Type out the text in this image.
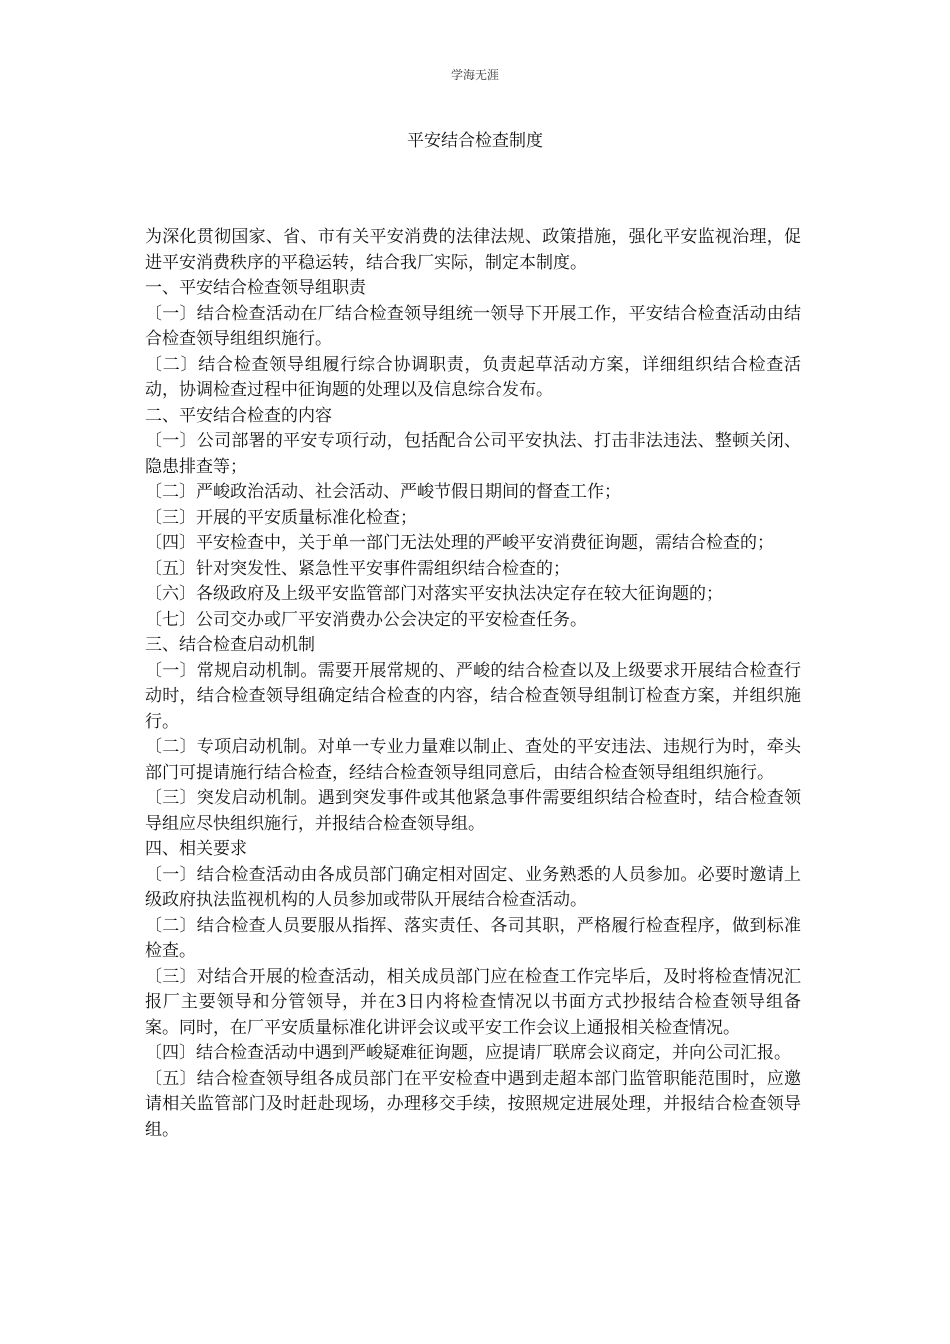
学海无涯
平安结合检查制度

为深化贯彻国家、省、市有关平安消费的法律法规、政策措施，强化平安监视治理，促进平安消费秩序的平稳运转，结合我厂实际，制定本制度。

一、平安结合检查领导组职责

〔一〕结合检查活动在厂结合检查领导组统一领导下开展工作，平安结合检查活动由结合检查领导组组织施行。

〔二〕结合检查领导组履行综合协调职责，负责起草活动方案，详细组织结合检查活动，协调检查过程中征询题的处理以及信息综合发布。

二、平安结合检查的内容

〔一〕公司部署的平安专项行动，包括配合公司平安执法、打击非法违法、整顿关闭、隐患排查等；

〔二〕严峻政治活动、社会活动、严峻节假日期间的督查工作；

〔三〕开展的平安质量标准化检查；

〔四〕平安检查中，关于单一部门无法处理的严峻平安消费征询题，需结合检查的；

〔五〕针对突发性、紧急性平安事件需组织结合检查的；

〔六〕各级政府及上级平安监管部门对落实平安执法决定存在较大征询题的；

〔七〕公司交办或厂平安消费办公会决定的平安检查任务。

三、结合检查启动机制

〔一〕常规启动机制。需要开展常规的、严峻的结合检查以及上级要求开展结合检查行动时，结合检查领导组确定结合检查的内容，结合检查领导组制订检查方案，并组织施行。

〔二〕专项启动机制。对单一专业力量难以制止、查处的平安违法、违规行为时，牵头部门可提请施行结合检查，经结合检查领导组同意后，由结合检查领导组组织施行。

〔三〕突发启动机制。遇到突发事件或其他紧急事件需要组织结合检查时，结合检查领导组应尽快组织施行，并报结合检查领导组。

四、相关要求

〔一〕结合检查活动由各成员部门确定相对固定、业务熟悉的人员参加。必要时邀请上级政府执法监视机构的人员参加或带队开展结合检查活动。

〔二〕结合检查人员要服从指挥、落实责任、各司其职，严格履行检查程序，做到标准检查。

〔三〕对结合开展的检查活动，相关成员部门应在检查工作完毕后，及时将检查情况汇报厂主要领导和分管领导，并在3日内将检查情况以书面方式抄报结合检查领导组备案。同时，在厂平安质量标准化讲评会议或平安工作会议上通报相关检查情况。

〔四〕结合检查活动中遇到严峻疑难征询题，应提请厂联席会议商定，并向公司汇报。

〔五〕结合检查领导组各成员部门在平安检查中遇到走超本部门监管职能范围时，应邀请相关监管部门及时赶赴现场，办理移交手续，按照规定进展处理，并报结合检查领导组。
